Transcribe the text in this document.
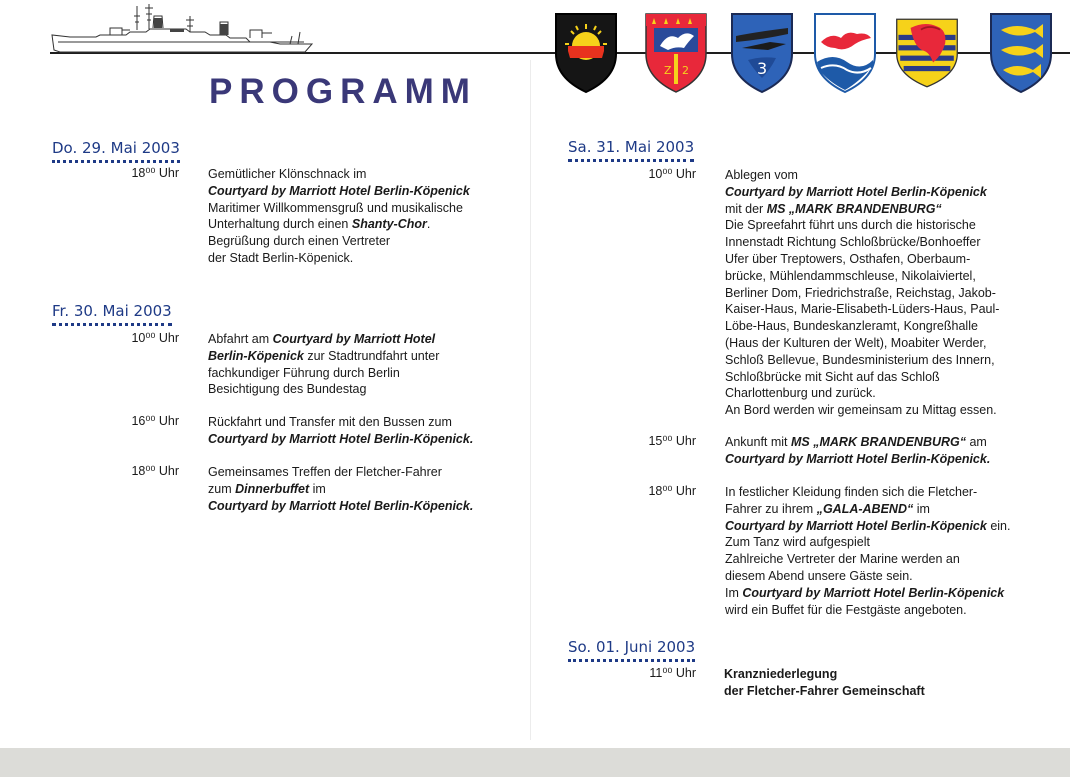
PROGRAMM
Z 2	3
Do. 29. Mai 2003
18⁰⁰ Uhr Gemütlicher Klönschnack im
Courtyard by Marriott Hotel Berlin-Köpenick
Maritimer Willkommensgruß und musikalische
Unterhaltung durch einen Shanty-Chor.
Begrüßung durch einen Vertreter
der Stadt Berlin-Köpenick.
Fr. 30. Mai 2003
10⁰⁰ Uhr Abfahrt am Courtyard by Marriott Hotel
Berlin-Köpenick zur Stadtrundfahrt unter
fachkundiger Führung durch Berlin
Besichtigung des Bundestag
16⁰⁰ Uhr Rückfahrt und Transfer mit den Bussen zum
Courtyard by Marriott Hotel Berlin-Köpenick.
18⁰⁰ Uhr Gemeinsames Treffen der Fletcher-Fahrer
zum Dinnerbuffet im
Courtyard by Marriott Hotel Berlin-Köpenick.
Sa. 31. Mai 2003
10⁰⁰ Uhr Ablegen vom
Courtyard by Marriott Hotel Berlin-Köpenick
mit der MS „MARK BRANDENBURG“
Die Spreefahrt führt uns durch die historische
Innenstadt Richtung Schloßbrücke/Bonhoeffer
Ufer über Treptowers, Osthafen, Oberbaum-
brücke, Mühlendammschleuse, Nikolaiviertel,
Berliner Dom, Friedrichstraße, Reichstag, Jakob-
Kaiser-Haus, Marie-Elisabeth-Lüders-Haus, Paul-
Löbe-Haus, Bundeskanzleramt, Kongreßhalle
(Haus der Kulturen der Welt), Moabiter Werder,
Schloß Bellevue, Bundesministerium des Innern,
Schloßbrücke mit Sicht auf das Schloß
Charlottenburg und zurück.
An Bord werden wir gemeinsam zu Mittag essen.
15⁰⁰ Uhr Ankunft mit MS „MARK BRANDENBURG“ am
Courtyard by Marriott Hotel Berlin-Köpenick.
18⁰⁰ Uhr In festlicher Kleidung finden sich die Fletcher-
Fahrer zu ihrem „GALA-ABEND“ im
Courtyard by Marriott Hotel Berlin-Köpenick ein.
Zum Tanz wird aufgespielt
Zahlreiche Vertreter der Marine werden an
diesem Abend unsere Gäste sein.
Im Courtyard by Marriott Hotel Berlin-Köpenick
wird ein Buffet für die Festgäste angeboten.
So. 01. Juni 2003
11⁰⁰ Uhr Kranzniederlegung
der Fletcher-Fahrer Gemeinschaft
